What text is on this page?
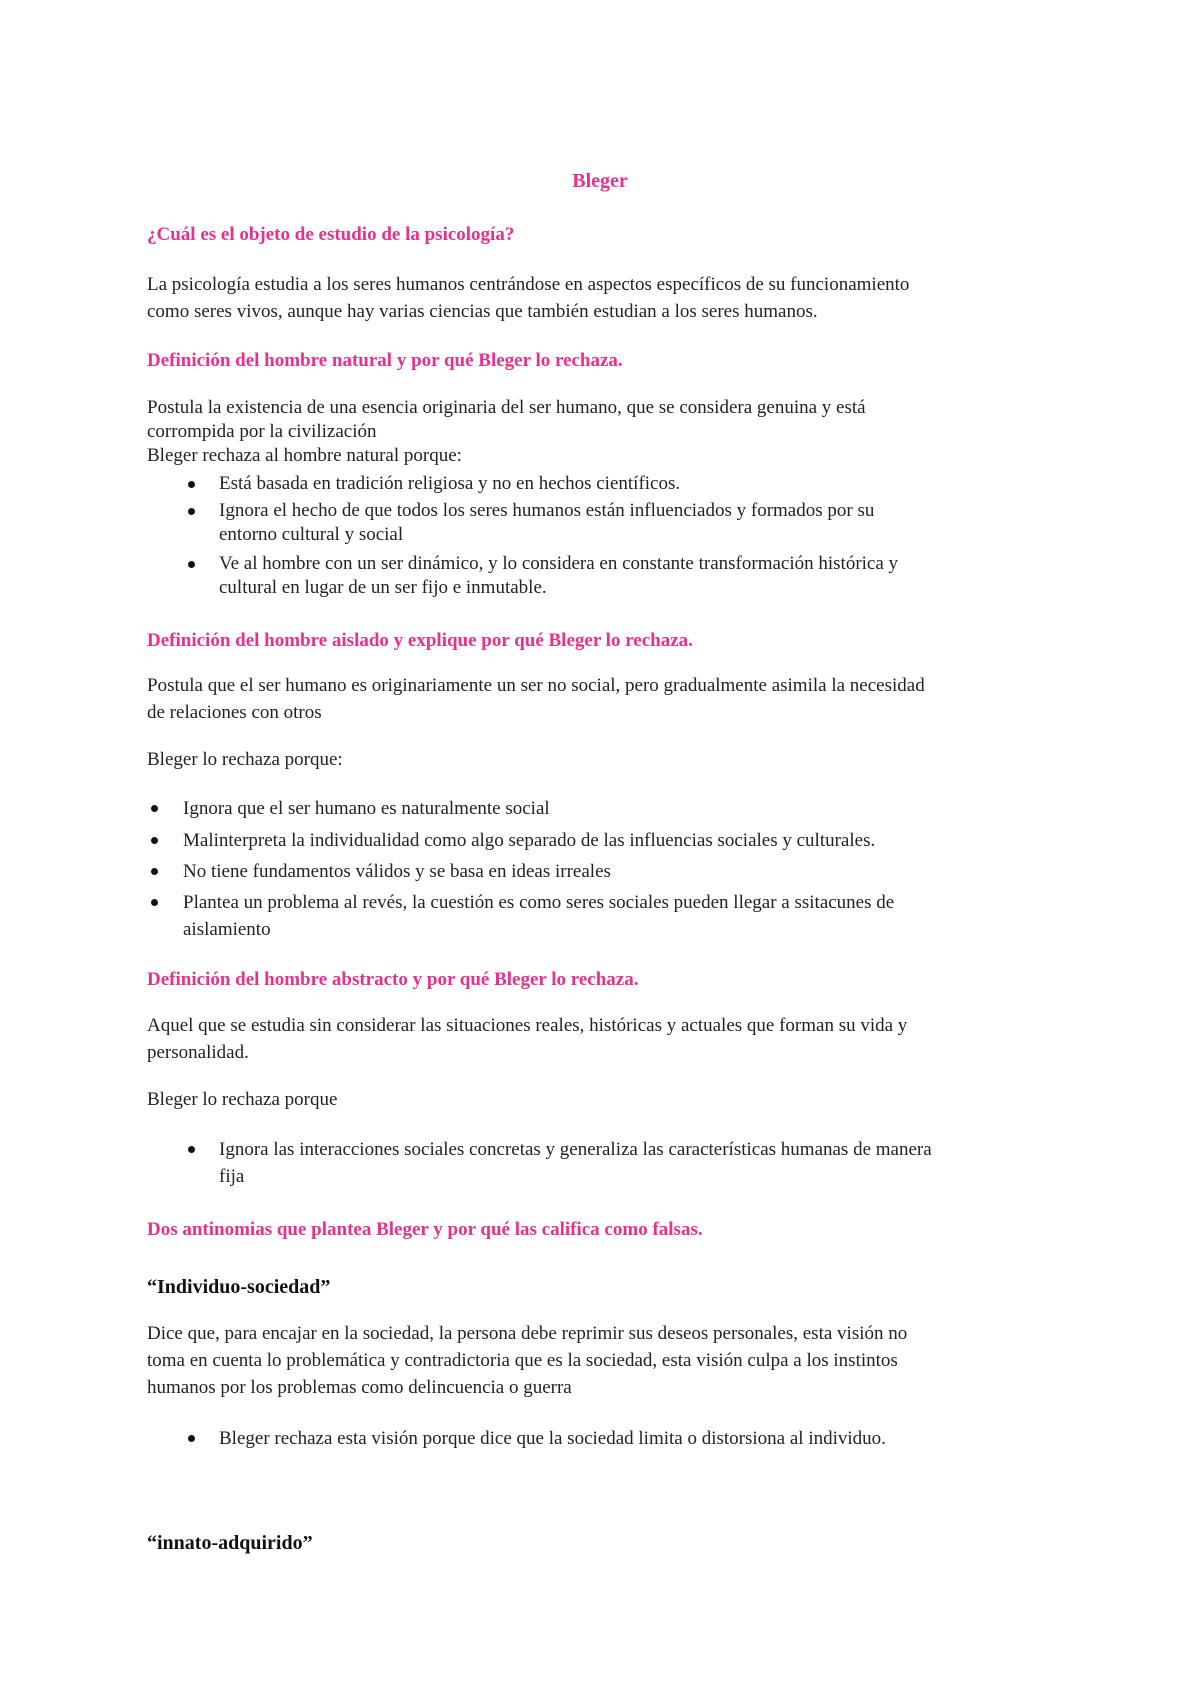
Bleger
¿Cuál es el objeto de estudio de la psicología?
La psicología estudia a los seres humanos centrándose en aspectos específicos de su funcionamiento
como seres vivos, aunque hay varias ciencias que también estudian a los seres humanos.
Definición del hombre natural y por qué Bleger lo rechaza.
Postula la existencia de una esencia originaria del ser humano, que se considera genuina y está
corrompida por la civilización
Bleger rechaza al hombre natural porque:
Está basada en tradición religiosa y no en hechos científicos.
Ignora el hecho de que todos los seres humanos están influenciados y formados por su
entorno cultural y social
Ve al hombre con un ser dinámico, y lo considera en constante transformación histórica y
cultural en lugar de un ser fijo e inmutable.
Definición del hombre aislado y explique por qué Bleger lo rechaza.
Postula que el ser humano es originariamente un ser no social, pero gradualmente asimila la necesidad
de relaciones con otros
Bleger lo rechaza porque:
Ignora que el ser humano es naturalmente social
Malinterpreta la individualidad como algo separado de las influencias sociales y culturales.
No tiene fundamentos válidos y se basa en ideas irreales
Plantea un problema al revés, la cuestión es como seres sociales pueden llegar a ssitacunes de
aislamiento
Definición del hombre abstracto y por qué Bleger lo rechaza.
Aquel que se estudia sin considerar las situaciones reales, históricas y actuales que forman su vida y
personalidad.
Bleger lo rechaza porque
Ignora las interacciones sociales concretas y generaliza las características humanas de manera
fija
Dos antinomias que plantea Bleger y por qué las califica como falsas.
“Individuo-sociedad”
Dice que, para encajar en la sociedad, la persona debe reprimir sus deseos personales, esta visión no
toma en cuenta lo problemática y contradictoria que es la sociedad, esta visión culpa a los instintos
humanos por los problemas como delincuencia o guerra
Bleger rechaza esta visión porque dice que la sociedad limita o distorsiona al individuo.
“innato-adquirido”
